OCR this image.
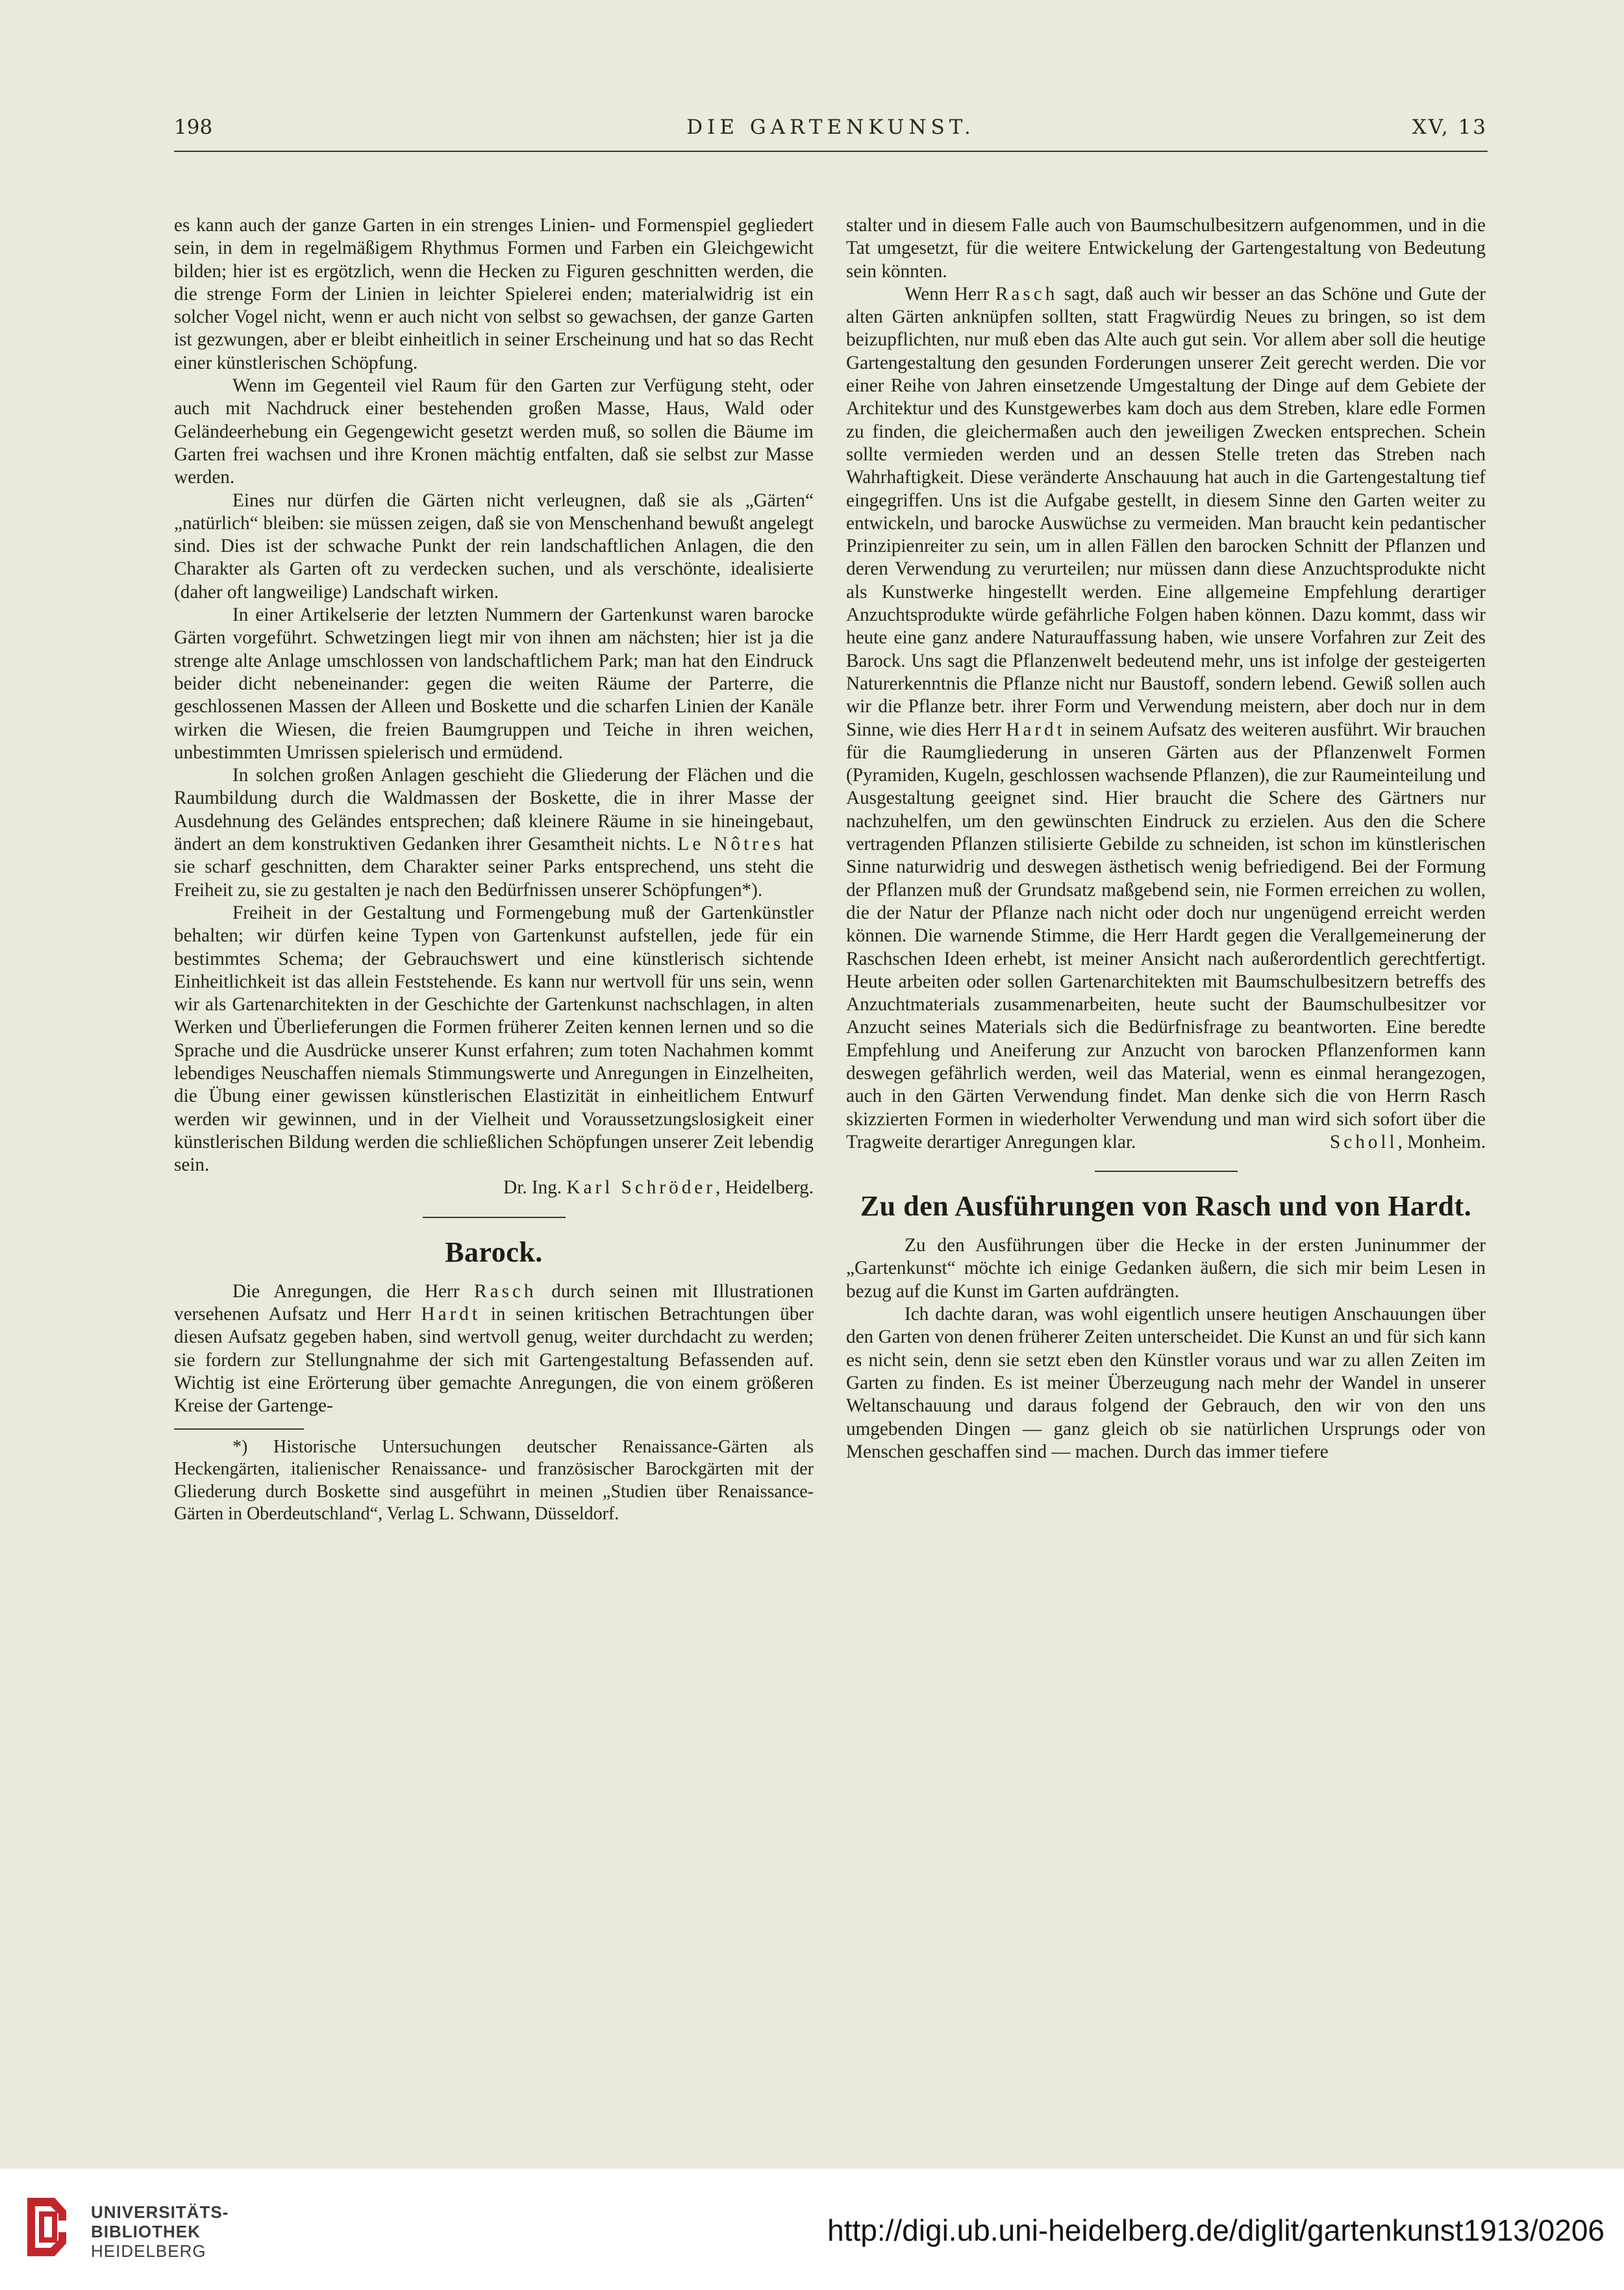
198	DIE GARTENKUNST.	XV, 13

es kann auch der ganze Garten in ein strenges Linien- und Formenspiel gegliedert sein, in dem in regelmäßigem Rhythmus Formen und Farben ein Gleichgewicht bilden; hier ist es ergötzlich, wenn die Hecken zu Figuren geschnitten werden, die die strenge Form der Linien in leichter Spielerei enden; materialwidrig ist ein solcher Vogel nicht, wenn er auch nicht von selbst so gewachsen, der ganze Garten ist gezwungen, aber er bleibt einheitlich in seiner Erscheinung und hat so das Recht einer künstlerischen Schöpfung.

Wenn im Gegenteil viel Raum für den Garten zur Verfügung steht, oder auch mit Nachdruck einer bestehenden großen Masse, Haus, Wald oder Geländeerhebung ein Gegengewicht gesetzt werden muß, so sollen die Bäume im Garten frei wachsen und ihre Kronen mächtig entfalten, daß sie selbst zur Masse werden.

Eines nur dürfen die Gärten nicht verleugnen, daß sie als „Gärten“ „natürlich“ bleiben: sie müssen zeigen, daß sie von Menschenhand bewußt angelegt sind. Dies ist der schwache Punkt der rein landschaftlichen Anlagen, die den Charakter als Garten oft zu verdecken suchen, und als verschönte, idealisierte (daher oft langweilige) Landschaft wirken.

In einer Artikelserie der letzten Nummern der Gartenkunst waren barocke Gärten vorgeführt. Schwetzingen liegt mir von ihnen am nächsten; hier ist ja die strenge alte Anlage umschlossen von landschaftlichem Park; man hat den Eindruck beider dicht nebeneinander: gegen die weiten Räume der Parterre, die geschlossenen Massen der Alleen und Boskette und die scharfen Linien der Kanäle wirken die Wiesen, die freien Baumgruppen und Teiche in ihren weichen, unbestimmten Umrissen spielerisch und ermüdend.

In solchen großen Anlagen geschieht die Gliederung der Flächen und die Raumbildung durch die Waldmassen der Boskette, die in ihrer Masse der Ausdehnung des Geländes entsprechen; daß kleinere Räume in sie hineingebaut, ändert an dem konstruktiven Gedanken ihrer Gesamtheit nichts. Le Nôtres hat sie scharf geschnitten, dem Charakter seiner Parks entsprechend, uns steht die Freiheit zu, sie zu gestalten je nach den Bedürfnissen unserer Schöpfungen*).

Freiheit in der Gestaltung und Formengebung muß der Gartenkünstler behalten; wir dürfen keine Typen von Gartenkunst aufstellen, jede für ein bestimmtes Schema; der Gebrauchswert und eine künstlerisch sichtende Einheitlichkeit ist das allein Feststehende. Es kann nur wertvoll für uns sein, wenn wir als Gartenarchitekten in der Geschichte der Gartenkunst nachschlagen, in alten Werken und Überlieferungen die Formen früherer Zeiten kennen lernen und so die Sprache und die Ausdrücke unserer Kunst erfahren; zum toten Nachahmen kommt lebendiges Neuschaffen niemals Stimmungswerte und Anregungen in Einzelheiten, die Übung einer gewissen künstlerischen Elastizität in einheitlichem Entwurf werden wir gewinnen, und in der Vielheit und Voraussetzungslosigkeit einer künstlerischen Bildung werden die schließlichen Schöpfungen unserer Zeit lebendig sein.

Dr. Ing. Karl Schröder, Heidelberg.

Barock.

Die Anregungen, die Herr Rasch durch seinen mit Illustrationen versehenen Aufsatz und Herr Hardt in seinen kritischen Betrachtungen über diesen Aufsatz gegeben haben, sind wertvoll genug, weiter durchdacht zu werden; sie fordern zur Stellungnahme der sich mit Gartengestaltung Befassenden auf. Wichtig ist eine Erörterung über gemachte Anregungen, die von einem größeren Kreise der Gartenge-

*) Historische Untersuchungen deutscher Renaissance-Gärten als Heckengärten, italienischer Renaissance- und französischer Barockgärten mit der Gliederung durch Boskette sind ausgeführt in meinen „Studien über Renaissance-Gärten in Oberdeutschland“, Verlag L. Schwann, Düsseldorf.

stalter und in diesem Falle auch von Baumschulbesitzern aufgenommen, und in die Tat umgesetzt, für die weitere Entwickelung der Gartengestaltung von Bedeutung sein könnten.

Wenn Herr Rasch sagt, daß auch wir besser an das Schöne und Gute der alten Gärten anknüpfen sollten, statt Fragwürdig Neues zu bringen, so ist dem beizupflichten, nur muß eben das Alte auch gut sein. Vor allem aber soll die heutige Gartengestaltung den gesunden Forderungen unserer Zeit gerecht werden. Die vor einer Reihe von Jahren einsetzende Umgestaltung der Dinge auf dem Gebiete der Architektur und des Kunstgewerbes kam doch aus dem Streben, klare edle Formen zu finden, die gleichermaßen auch den jeweiligen Zwecken entsprechen. Schein sollte vermieden werden und an dessen Stelle treten das Streben nach Wahrhaftigkeit. Diese veränderte Anschauung hat auch in die Gartengestaltung tief eingegriffen. Uns ist die Aufgabe gestellt, in diesem Sinne den Garten weiter zu entwickeln, und barocke Auswüchse zu vermeiden. Man braucht kein pedantischer Prinzipienreiter zu sein, um in allen Fällen den barocken Schnitt der Pflanzen und deren Verwendung zu verurteilen; nur müssen dann diese Anzuchtsprodukte nicht als Kunstwerke hingestellt werden. Eine allgemeine Empfehlung derartiger Anzuchtsprodukte würde gefährliche Folgen haben können. Dazu kommt, dass wir heute eine ganz andere Naturauffassung haben, wie unsere Vorfahren zur Zeit des Barock. Uns sagt die Pflanzenwelt bedeutend mehr, uns ist infolge der gesteigerten Naturerkenntnis die Pflanze nicht nur Baustoff, sondern lebend. Gewiß sollen auch wir die Pflanze betr. ihrer Form und Verwendung meistern, aber doch nur in dem Sinne, wie dies Herr Hardt in seinem Aufsatz des weiteren ausführt. Wir brauchen für die Raumgliederung in unseren Gärten aus der Pflanzenwelt Formen (Pyramiden, Kugeln, geschlossen wachsende Pflanzen), die zur Raumeinteilung und Ausgestaltung geeignet sind. Hier braucht die Schere des Gärtners nur nachzuhelfen, um den gewünschten Eindruck zu erzielen. Aus den die Schere vertragenden Pflanzen stilisierte Gebilde zu schneiden, ist schon im künstlerischen Sinne naturwidrig und deswegen ästhetisch wenig befriedigend. Bei der Formung der Pflanzen muß der Grundsatz maßgebend sein, nie Formen erreichen zu wollen, die der Natur der Pflanze nach nicht oder doch nur ungenügend erreicht werden können. Die warnende Stimme, die Herr Hardt gegen die Verallgemeinerung der Raschschen Ideen erhebt, ist meiner Ansicht nach außerordentlich gerechtfertigt. Heute arbeiten oder sollen Gartenarchitekten mit Baumschulbesitzern betreffs des Anzuchtmaterials zusammenarbeiten, heute sucht der Baumschulbesitzer vor Anzucht seines Materials sich die Bedürfnisfrage zu beantworten. Eine beredte Empfehlung und Aneiferung zur Anzucht von barocken Pflanzenformen kann deswegen gefährlich werden, weil das Material, wenn es einmal herangezogen, auch in den Gärten Verwendung findet. Man denke sich die von Herrn Rasch skizzierten Formen in wiederholter Verwendung und man wird sich sofort über die Tragweite derartiger Anregungen klar.	Scholl, Monheim.

Zu den Ausführungen von Rasch und von Hardt.

Zu den Ausführungen über die Hecke in der ersten Juninummer der „Gartenkunst“ möchte ich einige Gedanken äußern, die sich mir beim Lesen in bezug auf die Kunst im Garten aufdrängten.

Ich dachte daran, was wohl eigentlich unsere heutigen Anschauungen über den Garten von denen früherer Zeiten unterscheidet. Die Kunst an und für sich kann es nicht sein, denn sie setzt eben den Künstler voraus und war zu allen Zeiten im Garten zu finden. Es ist meiner Überzeugung nach mehr der Wandel in unserer Weltanschauung und daraus folgend der Gebrauch, den wir von den uns umgebenden Dingen — ganz gleich ob sie natürlichen Ursprungs oder von Menschen geschaffen sind — machen. Durch das immer tiefere

UNIVERSITÄTS-
BIBLIOTHEK
HEIDELBERG
http://digi.ub.uni-heidelberg.de/diglit/gartenkunst1913/0206
